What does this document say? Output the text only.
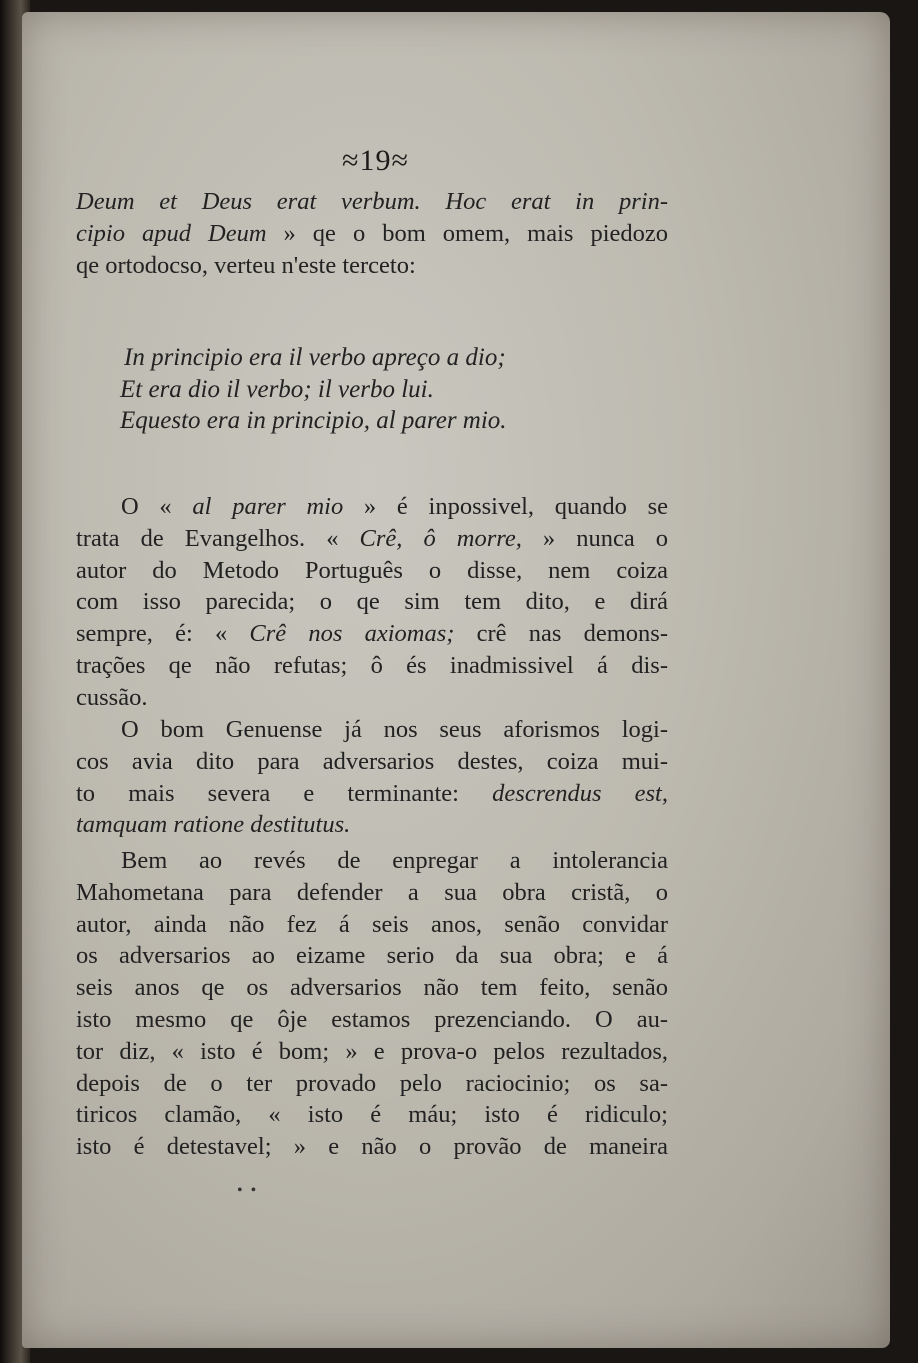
≈19≈
Deum et Deus erat verbum. Hoc erat in prin-
cipio apud Deum » qe o bom omem, mais piedozo
qe ortodocso, verteu n'este terceto:
In principio era il verbo apreço a dio;
Et era dio il verbo; il verbo lui.
Equesto era in principio, al parer mio.
O « al parer mio » é inpossivel, quando se
trata de Evangelhos. « Crê, ô morre, » nunca o
autor do Metodo Português o disse, nem coiza
com isso parecida; o qe sim tem dito, e dirá
sempre, é: « Crê nos axiomas; crê nas demons-
trações qe não refutas; ô és inadmissivel á dis-
cussão.
O bom Genuense já nos seus aforismos logi-
cos avia dito para adversarios destes, coiza mui-
to mais severa e terminante: descrendus est,
tamquam ratione destitutus.
Bem ao revés de enpregar a intolerancia
Mahometana para defender a sua obra cristã, o
autor, ainda não fez á seis anos, senão convidar
os adversarios ao eizame serio da sua obra; e á
seis anos qe os adversarios não tem feito, senão
isto mesmo qe ôje estamos prezenciando. O au-
tor diz, « isto é bom; » e prova-o pelos rezultados,
depois de o ter provado pelo raciocinio; os sa-
tiricos clamão, « isto é máu; isto é ridiculo;
isto é detestavel; » e não o provão de maneira
• •
